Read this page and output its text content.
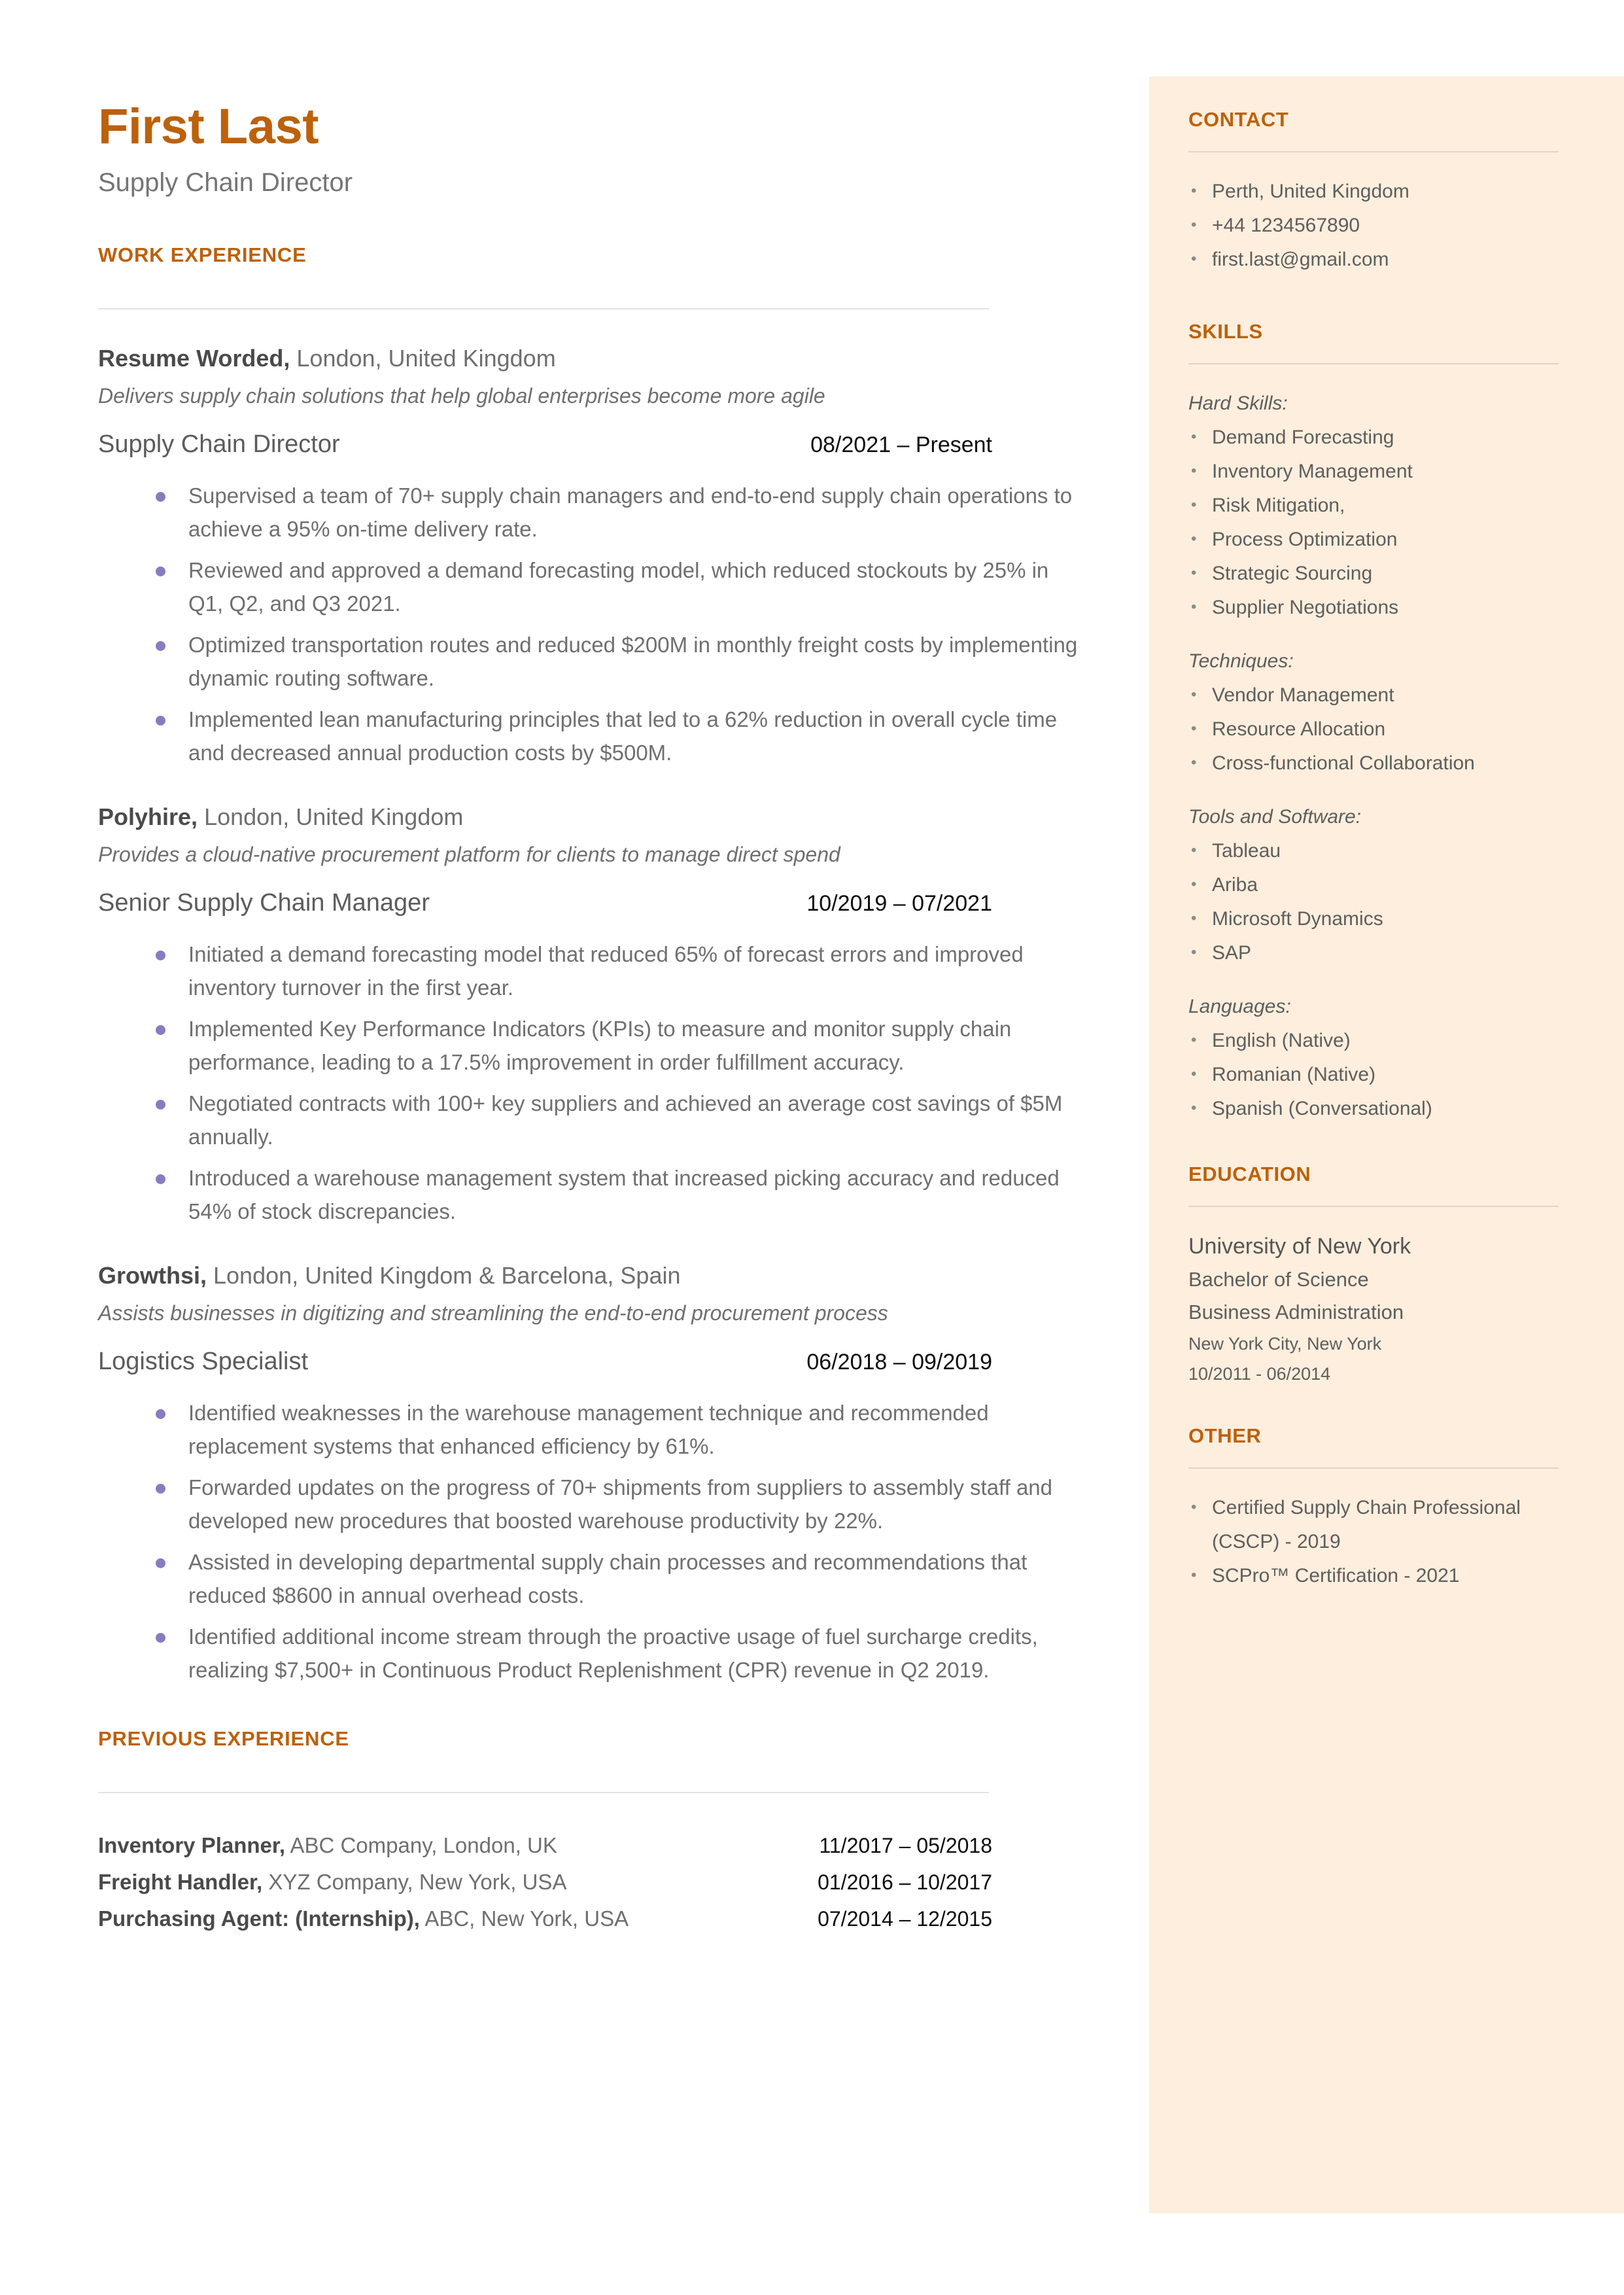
CONTACT
• Perth, United Kingdom
• +44 1234567890
• first.last@gmail.com
SKILLS
Hard Skills:
• Demand Forecasting
• Inventory Management
• Risk Mitigation,
• Process Optimization
• Strategic Sourcing
• Supplier Negotiations
Techniques:
• Vendor Management
• Resource Allocation
• Cross-functional Collaboration
Tools and Software:
• Tableau
• Ariba
• Microsoft Dynamics
• SAP
Languages:
• English (Native)
• Romanian (Native)
• Spanish (Conversational)
EDUCATION
University of New York
Bachelor of Science
Business Administration
New York City, New York
10/2011 - 06/2014
OTHER
• Certified Supply Chain Professional (CSCP) - 2019
• SCPro™ Certification - 2021
First Last
Supply Chain Director
WORK EXPERIENCE
Resume Worded, London, United Kingdom
Delivers supply chain solutions that help global enterprises become more agile
Supply Chain Director	08/2021 – Present
Supervised a team of 70+ supply chain managers and end-to-end supply chain operations to achieve a 95% on-time delivery rate.
Reviewed and approved a demand forecasting model, which reduced stockouts by 25% in Q1, Q2, and Q3 2021.
Optimized transportation routes and reduced $200M in monthly freight costs by implementing dynamic routing software.
Implemented lean manufacturing principles that led to a 62% reduction in overall cycle time and decreased annual production costs by $500M.
Polyhire, London, United Kingdom
Provides a cloud-native procurement platform for clients to manage direct spend
Senior Supply Chain Manager	10/2019 – 07/2021
Initiated a demand forecasting model that reduced 65% of forecast errors and improved inventory turnover in the first year.
Implemented Key Performance Indicators (KPIs) to measure and monitor supply chain performance, leading to a 17.5% improvement in order fulfillment accuracy.
Negotiated contracts with 100+ key suppliers and achieved an average cost savings of $5M annually.
Introduced a warehouse management system that increased picking accuracy and reduced 54% of stock discrepancies.
Growthsi, London, United Kingdom & Barcelona, Spain
Assists businesses in digitizing and streamlining the end-to-end procurement process
Logistics Specialist	06/2018 – 09/2019
Identified weaknesses in the warehouse management technique and recommended replacement systems that enhanced efficiency by 61%.
Forwarded updates on the progress of 70+ shipments from suppliers to assembly staff and developed new procedures that boosted warehouse productivity by 22%.
Assisted in developing departmental supply chain processes and recommendations that reduced $8600 in annual overhead costs.
Identified additional income stream through the proactive usage of fuel surcharge credits, realizing $7,500+ in Continuous Product Replenishment (CPR) revenue in Q2 2019.
PREVIOUS EXPERIENCE
Inventory Planner, ABC Company, London, UK	11/2017 – 05/2018
Freight Handler, XYZ Company, New York, USA	01/2016 – 10/2017
Purchasing Agent: (Internship), ABC, New York, USA	07/2014 – 12/2015
